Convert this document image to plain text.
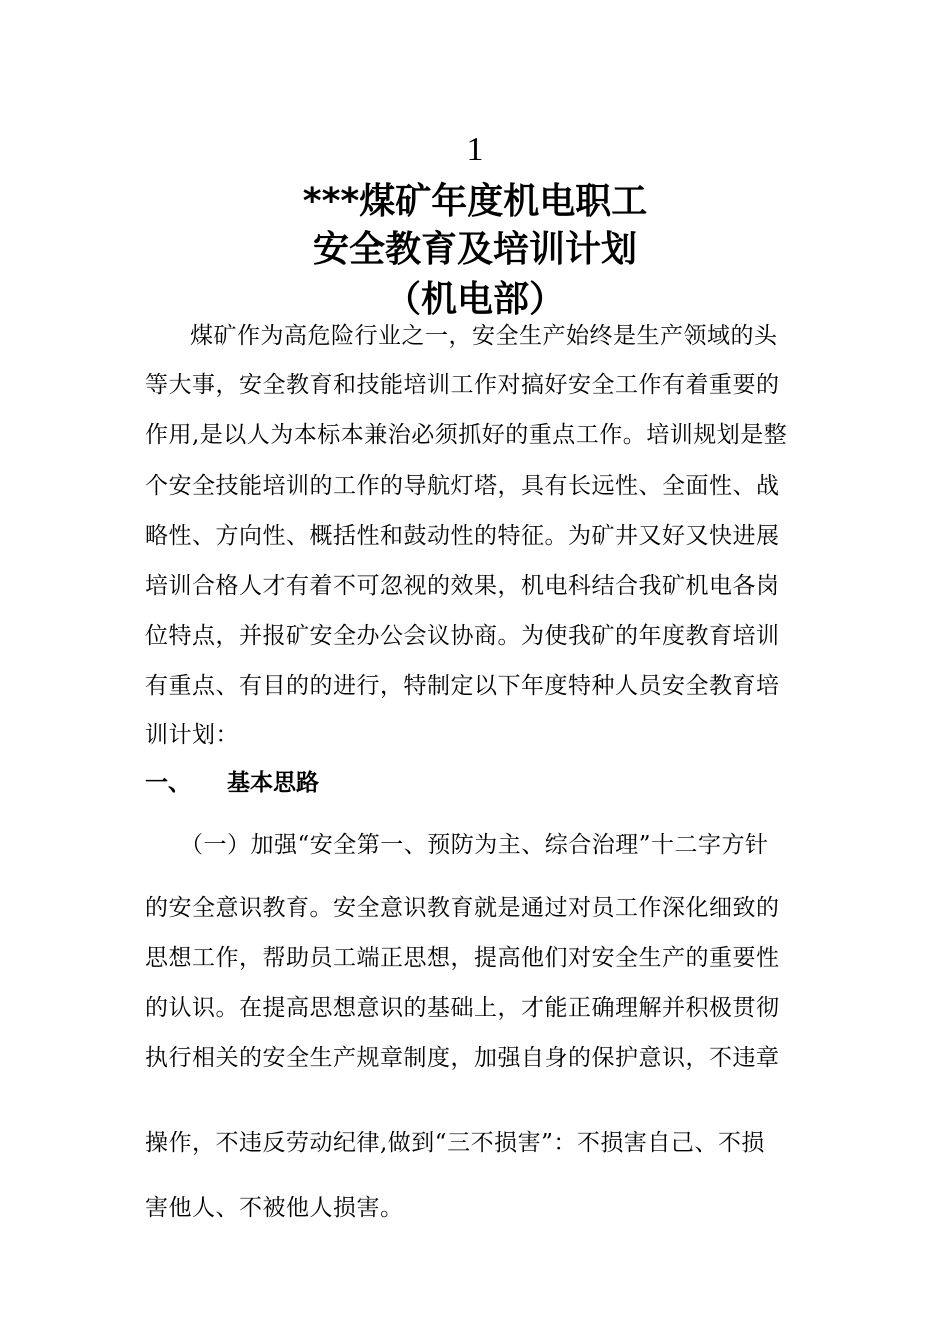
1
***煤矿年度机电职工
安全教育及培训计划
（机电部）
煤矿作为高危险行业之一，安全生产始终是生产领域的头
等大事，安全教育和技能培训工作对搞好安全工作有着重要的
作用,是以人为本标本兼治必须抓好的重点工作。培训规划是整
个安全技能培训的工作的导航灯塔，具有长远性、全面性、战
略性、方向性、概括性和鼓动性的特征。为矿井又好又快进展
培训合格人才有着不可忽视的效果，机电科结合我矿机电各岗
位特点，并报矿安全办公会议协商。为使我矿的年度教育培训
有重点、有目的的进行，特制定以下年度特种人员安全教育培
训计划：
一、 基本思路
（一）加强“安全第一、预防为主、综合治理”十二字方针
的安全意识教育。安全意识教育就是通过对员工作深化细致的
思想工作，帮助员工端正思想，提高他们对安全生产的重要性
的认识。在提高思想意识的基础上，才能正确理解并积极贯彻
执行相关的安全生产规章制度，加强自身的保护意识，不违章
操作，不违反劳动纪律,做到“三不损害”：不损害自己、不损
害他人、不被他人损害。
